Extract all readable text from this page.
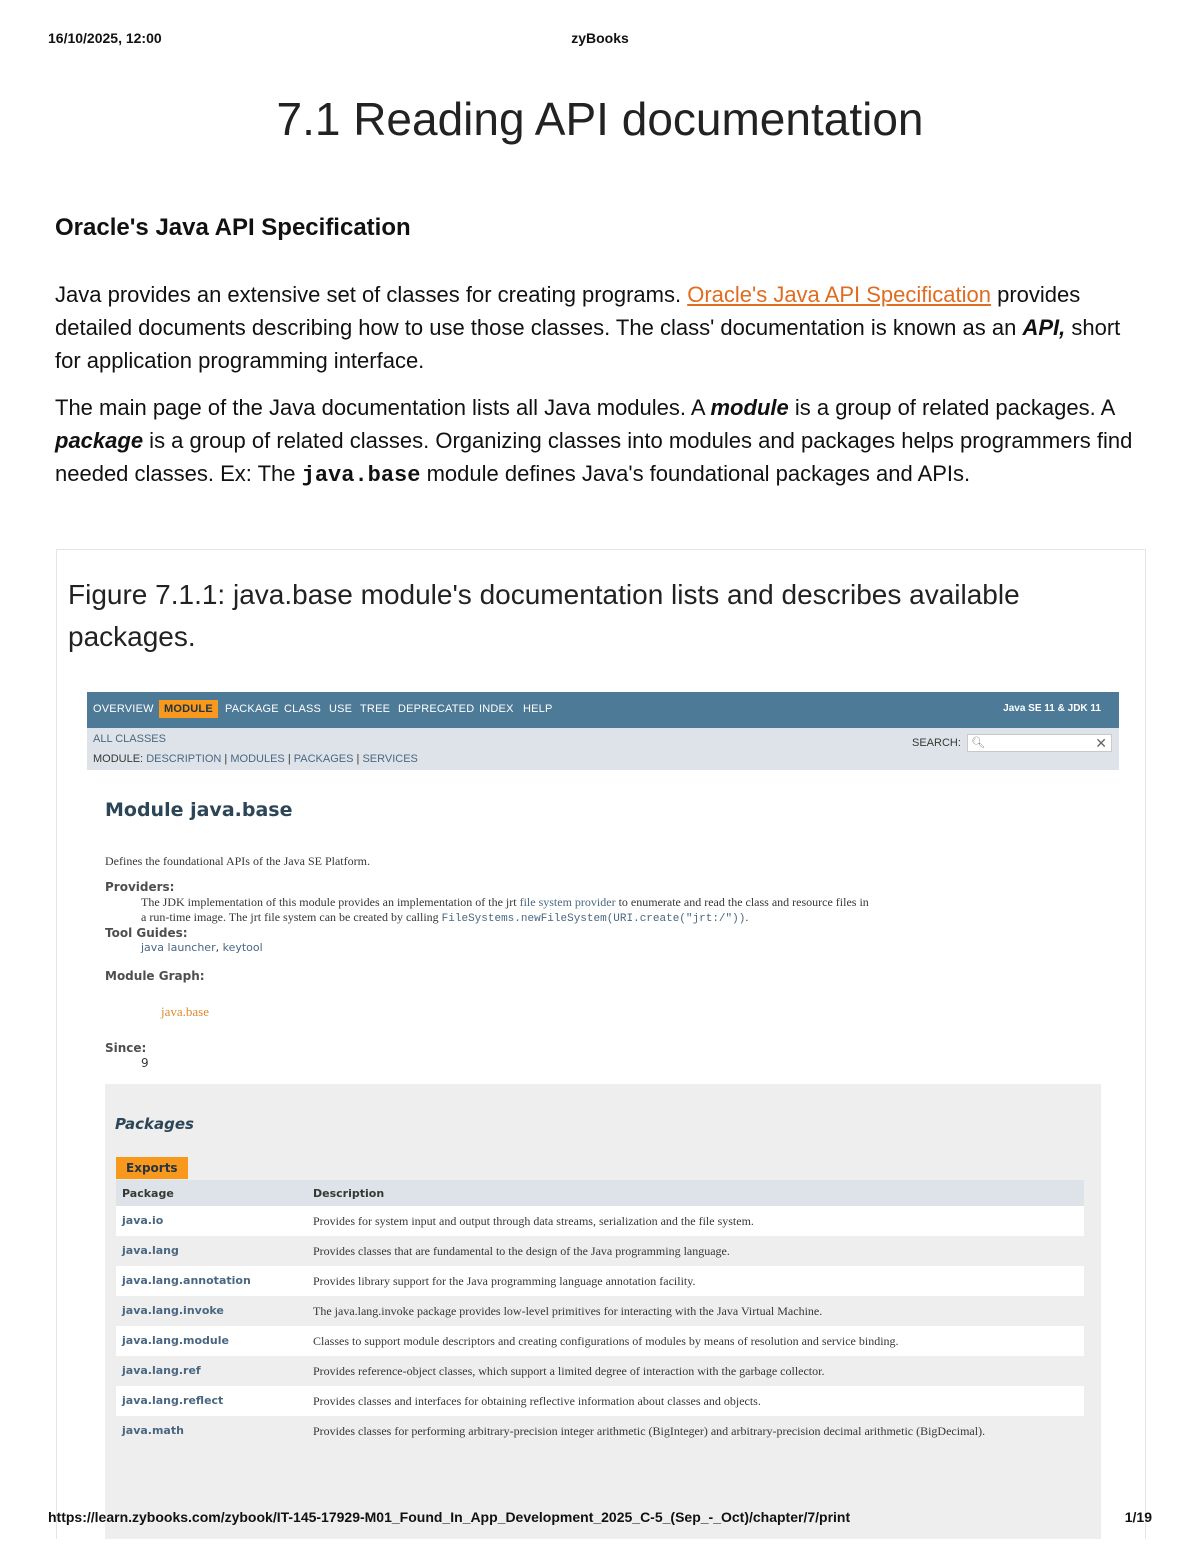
16/10/2025, 12:00	zyBooks
7.1 Reading API documentation
Oracle's Java API Specification

Java provides an extensive set of classes for creating programs. Oracle's Java API Specification provides detailed documents describing how to use those classes. The class' documentation is known as an API, short for application programming interface.

The main page of the Java documentation lists all Java modules. A module is a group of related packages. A package is a group of related classes. Organizing classes into modules and packages helps programmers find needed classes. Ex: The java.base module defines Java's foundational packages and APIs.

Figure 7.1.1: java.base module's documentation lists and describes available packages.
OVERVIEW MODULE	PACKAGE CLASS USE TREE DEPRECATED INDEX HELP	Java SE 11 & JDK 11
ALL CLASSES
MODULE: DESCRIPTION | MODULES | PACKAGES | SERVICES
SEARCH: 🔍︎	✕
Module java.base
Defines the foundational APIs of the Java SE Platform.
Providers:
The JDK implementation of this module provides an implementation of the jrt file system provider to enumerate and read the class and resource files in
a run-time image. The jrt file system can be created by calling FileSystems.newFileSystem(URI.create("jrt:/")).
Tool Guides:
java launcher, keytool
Module Graph:
java.base
Since:
9
Packages
Exports
Package	Description
java.io	Provides for system input and output through data streams, serialization and the file system.
java.lang	Provides classes that are fundamental to the design of the Java programming language.
java.lang.annotation	Provides library support for the Java programming language annotation facility.
java.lang.invoke	The java.lang.invoke package provides low-level primitives for interacting with the Java Virtual Machine.
java.lang.module	Classes to support module descriptors and creating configurations of modules by means of resolution and service binding.
java.lang.ref	Provides reference-object classes, which support a limited degree of interaction with the garbage collector.
java.lang.reflect	Provides classes and interfaces for obtaining reflective information about classes and objects.
java.math	Provides classes for performing arbitrary-precision integer arithmetic (BigInteger) and arbitrary-precision decimal arithmetic (BigDecimal).
https://learn.zybooks.com/zybook/IT-145-17929-M01_Found_In_App_Development_2025_C-5_(Sep_-_Oct)/chapter/7/print	1/19
